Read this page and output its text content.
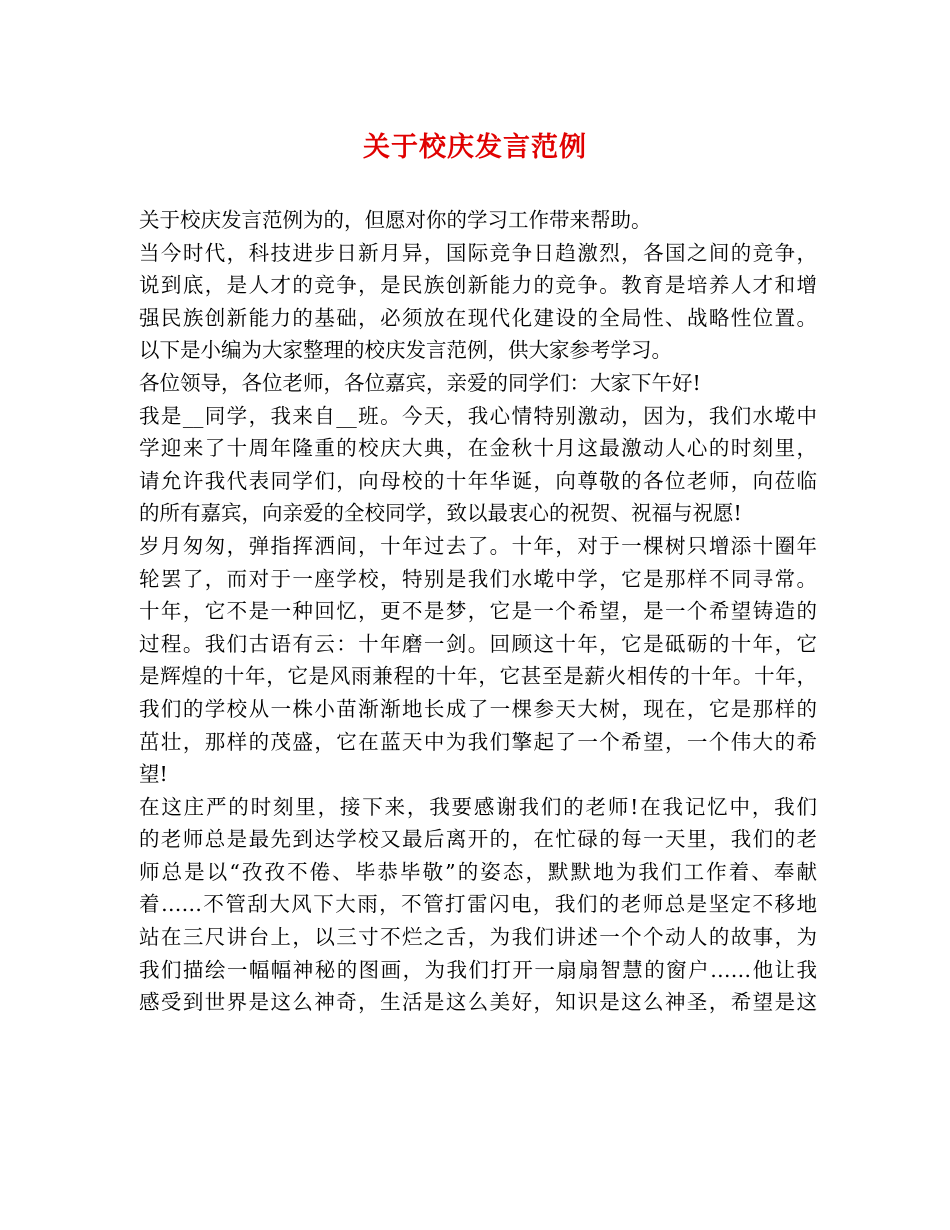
关于校庆发言范例
关于校庆发言范例为的，但愿对你的学习工作带来帮助。
当今时代，科技进步日新月异，国际竞争日趋激烈，各国之间的竞争，
说到底，是人才的竞争，是民族创新能力的竞争。教育是培养人才和增
强民族创新能力的基础，必须放在现代化建设的全局性、战略性位置。
以下是小编为大家整理的校庆发言范例，供大家参考学习。
各位领导，各位老师，各位嘉宾，亲爱的同学们：大家下午好!
我是__同学，我来自__班。今天，我心情特别激动，因为，我们水墘中
学迎来了十周年隆重的校庆大典，在金秋十月这最激动人心的时刻里，
请允许我代表同学们，向母校的十年华诞，向尊敬的各位老师，向莅临
的所有嘉宾，向亲爱的全校同学，致以最衷心的祝贺、祝福与祝愿!
岁月匆匆，弹指挥洒间，十年过去了。十年，对于一棵树只增添十圈年
轮罢了，而对于一座学校，特别是我们水墘中学，它是那样不同寻常。
十年，它不是一种回忆，更不是梦，它是一个希望，是一个希望铸造的
过程。我们古语有云：十年磨一剑。回顾这十年，它是砥砺的十年，它
是辉煌的十年，它是风雨兼程的十年，它甚至是薪火相传的十年。十年，
我们的学校从一株小苗渐渐地长成了一棵参天大树，现在，它是那样的
茁壮，那样的茂盛，它在蓝天中为我们擎起了一个希望，一个伟大的希
望!
在这庄严的时刻里，接下来，我要感谢我们的老师!在我记忆中，我们
的老师总是最先到达学校又最后离开的，在忙碌的每一天里，我们的老
师总是以“孜孜不倦、毕恭毕敬”的姿态，默默地为我们工作着、奉献
着……不管刮大风下大雨，不管打雷闪电，我们的老师总是坚定不移地
站在三尺讲台上，以三寸不烂之舌，为我们讲述一个个动人的故事，为
我们描绘一幅幅神秘的图画，为我们打开一扇扇智慧的窗户……他让我
感受到世界是这么神奇，生活是这么美好，知识是这么神圣，希望是这
